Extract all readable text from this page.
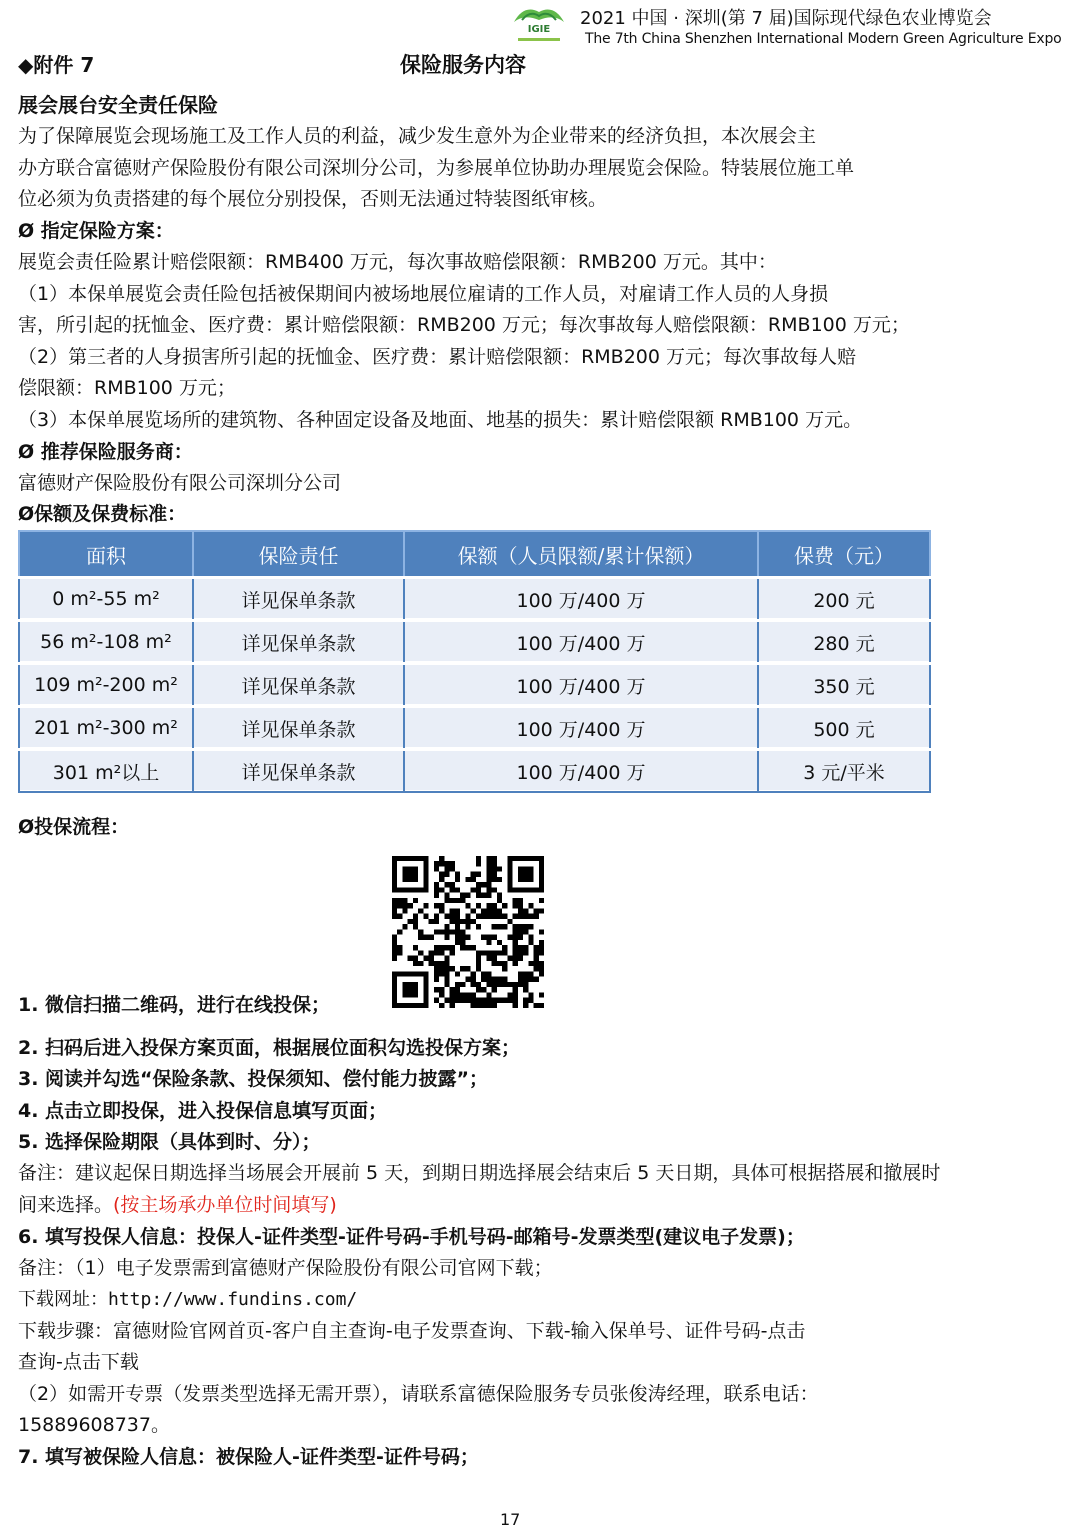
IGIE
2021 中国 · 深圳(第 7 届)国际现代绿色农业博览会
The 7th China Shenzhen International Modern Green Agriculture Expo
◆附件 7	保险服务内容
展会展台安全责任保险
为了保障展览会现场施工及工作人员的利益，减少发生意外为企业带来的经济负担，本次展会主
办方联合富德财产保险股份有限公司深圳分公司，为参展单位协助办理展览会保险。特装展位施工单
位必须为负责搭建的每个展位分别投保，否则无法通过特装图纸审核。
Ø 指定保险方案：
展览会责任险累计赔偿限额：RMB400 万元，每次事故赔偿限额：RMB200 万元。其中：
（1）本保单展览会责任险包括被保期间内被场地展位雇请的工作人员，对雇请工作人员的人身损
害，所引起的抚恤金、医疗费：累计赔偿限额：RMB200 万元；每次事故每人赔偿限额：RMB100 万元；
（2）第三者的人身损害所引起的抚恤金、医疗费：累计赔偿限额：RMB200 万元；每次事故每人赔
偿限额：RMB100 万元；
（3）本保单展览场所的建筑物、各种固定设备及地面、地基的损失：累计赔偿限额 RMB100 万元。
Ø 推荐保险服务商：
富德财产保险股份有限公司深圳分公司
Ø保额及保费标准：
面积	保险责任	保额（人员限额/累计保额）	保费（元）
0 m²-55 m²	详见保单条款	100 万/400 万	200 元
56 m²-108 m²	详见保单条款	100 万/400 万	280 元
109 m²-200 m²	详见保单条款	100 万/400 万	350 元
201 m²-300 m²	详见保单条款	100 万/400 万	500 元
301 m²以上	详见保单条款	100 万/400 万	3 元/平米
Ø投保流程：
1. 微信扫描二维码，进行在线投保；
2. 扫码后进入投保方案页面，根据展位面积勾选投保方案；
3. 阅读并勾选“保险条款、投保须知、偿付能力披露”；
4. 点击立即投保，进入投保信息填写页面；
5. 选择保险期限（具体到时、分）；
备注：建议起保日期选择当场展会开展前 5 天，到期日期选择展会结束后 5 天日期，具体可根据搭展和撤展时
间来选择。(按主场承办单位时间填写)
6. 填写投保人信息：投保人-证件类型-证件号码-手机号码-邮箱号-发票类型(建议电子发票)；
备注：（1）电子发票需到富德财产保险股份有限公司官网下载；
下载网址：http://www.fundins.com/
下载步骤：富德财险官网首页-客户自主查询-电子发票查询、下载-输入保单号、证件号码-点击
查询-点击下载
（2）如需开专票（发票类型选择无需开票），请联系富德保险服务专员张俊涛经理，联系电话：
15889608737。
7. 填写被保险人信息：被保险人-证件类型-证件号码；
17
